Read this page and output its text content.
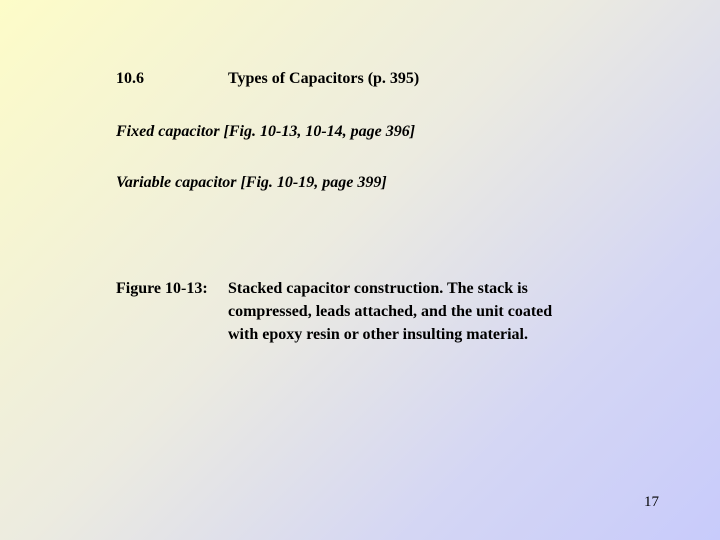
10.6	Types of Capacitors (p. 395)
Fixed capacitor [Fig. 10-13, 10-14, page 396]
Variable capacitor [Fig. 10-19, page 399]
Figure 10-13: Stacked capacitor construction. The stack is
compressed, leads attached, and the unit coated
with epoxy resin or other insulting material.
17
